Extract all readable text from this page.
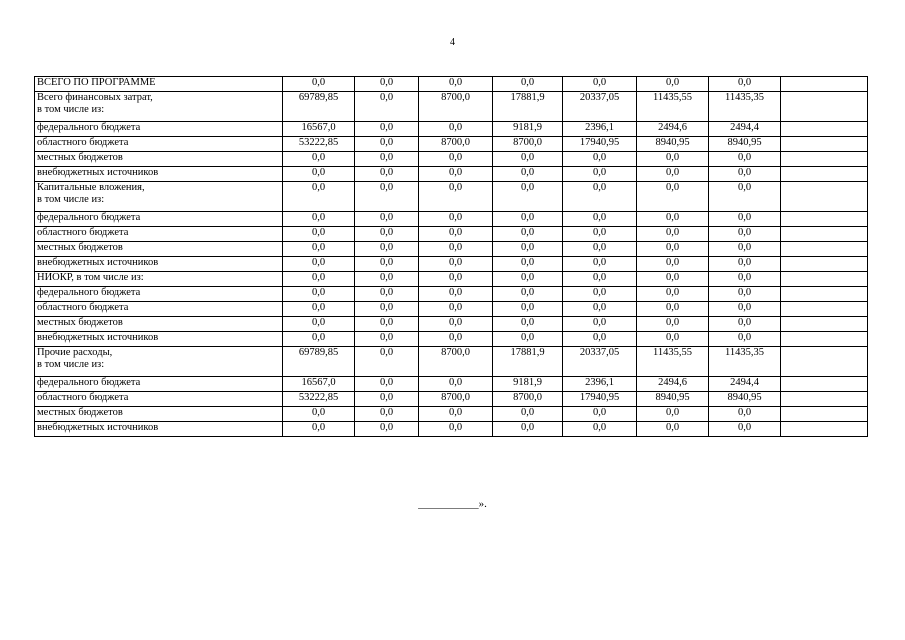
4
ВСЕГО ПО ПРОГРАММЕ	0,0	0,0	0,0	0,0	0,0	0,0	0,0	
Всего финансовых затрат,
в том числе из:	69789,85	0,0	8700,0	17881,9	20337,05	11435,55	11435,35	
федерального бюджета	16567,0	0,0	0,0	9181,9	2396,1	2494,6	2494,4	
областного бюджета	53222,85	0,0	8700,0	8700,0	17940,95	8940,95	8940,95	
местных бюджетов	0,0	0,0	0,0	0,0	0,0	0,0	0,0	
внебюджетных источников	0,0	0,0	0,0	0,0	0,0	0,0	0,0	
Капитальные вложения,
в том числе из:	0,0	0,0	0,0	0,0	0,0	0,0	0,0	
федерального бюджета	0,0	0,0	0,0	0,0	0,0	0,0	0,0	
областного бюджета	0,0	0,0	0,0	0,0	0,0	0,0	0,0	
местных бюджетов	0,0	0,0	0,0	0,0	0,0	0,0	0,0	
внебюджетных источников	0,0	0,0	0,0	0,0	0,0	0,0	0,0	
НИОКР, в том числе из:	0,0	0,0	0,0	0,0	0,0	0,0	0,0	
федерального бюджета	0,0	0,0	0,0	0,0	0,0	0,0	0,0	
областного бюджета	0,0	0,0	0,0	0,0	0,0	0,0	0,0	
местных бюджетов	0,0	0,0	0,0	0,0	0,0	0,0	0,0	
внебюджетных источников	0,0	0,0	0,0	0,0	0,0	0,0	0,0	
Прочие расходы,
в том числе из:	69789,85	0,0	8700,0	17881,9	20337,05	11435,55	11435,35	
федерального бюджета	16567,0	0,0	0,0	9181,9	2396,1	2494,6	2494,4	
областного бюджета	53222,85	0,0	8700,0	8700,0	17940,95	8940,95	8940,95	
местных бюджетов	0,0	0,0	0,0	0,0	0,0	0,0	0,0	
внебюджетных источников	0,0	0,0	0,0	0,0	0,0	0,0	0,0	
___________».
